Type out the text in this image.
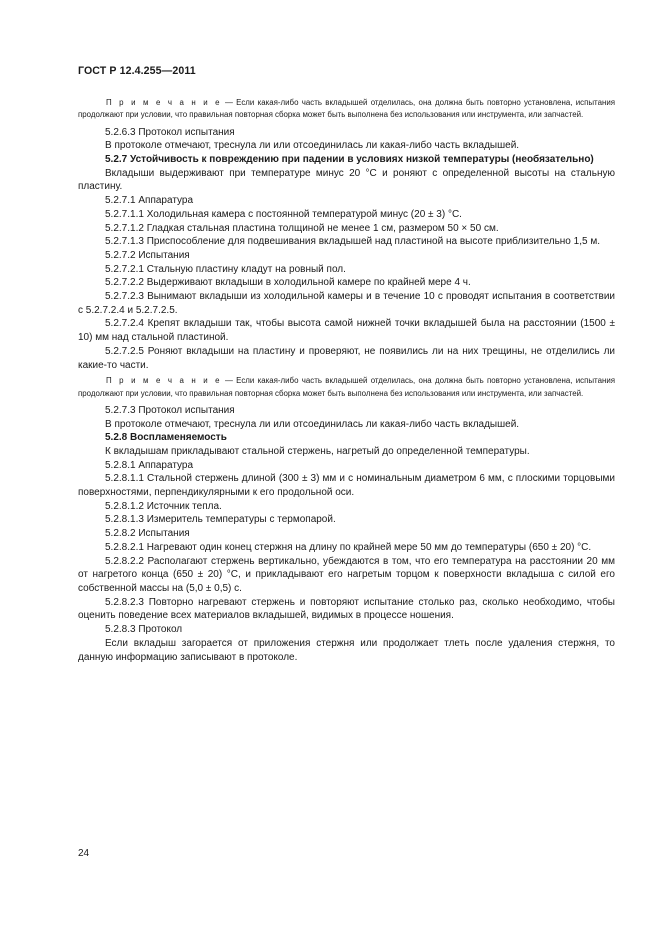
ГОСТ Р 12.4.255—2011
П р и м е ч а н и е — Если какая-либо часть вкладышей отделилась, она должна быть повторно установлена, испытания продолжают при условии, что правильная повторная сборка может быть выполнена без использования или инструмента, или запчастей.
5.2.6.3 Протокол испытания
В протоколе отмечают, треснула ли или отсоединилась ли какая-либо часть вкладышей.
5.2.7 Устойчивость к повреждению при падении в условиях низкой температуры (необязательно)
Вкладыши выдерживают при температуре минус 20 °С и роняют с определенной высоты на стальную пластину.
5.2.7.1 Аппаратура
5.2.7.1.1 Холодильная камера с постоянной температурой минус (20 ± 3) °С.
5.2.7.1.2 Гладкая стальная пластина толщиной не менее 1 см, размером 50 × 50 см.
5.2.7.1.3 Приспособление для подвешивания вкладышей над пластиной на высоте приблизительно 1,5 м.
5.2.7.2 Испытания
5.2.7.2.1 Стальную пластину кладут на ровный пол.
5.2.7.2.2 Выдерживают вкладыши в холодильной камере по крайней мере 4 ч.
5.2.7.2.3 Вынимают вкладыши из холодильной камеры и в течение 10 с проводят испытания в соответствии с 5.2.7.2.4 и 5.2.7.2.5.
5.2.7.2.4 Крепят вкладыши так, чтобы высота самой нижней точки вкладышей была на расстоянии (1500 ± 10) мм над стальной пластиной.
5.2.7.2.5 Роняют вкладыши на пластину и проверяют, не появились ли на них трещины, не отделились ли какие-то части.
П р и м е ч а н и е — Если какая-либо часть вкладышей отделилась, она должна быть повторно установлена, испытания продолжают при условии, что правильная повторная сборка может быть выполнена без использования или инструмента, или запчастей.
5.2.7.3 Протокол испытания
В протоколе отмечают, треснула ли или отсоединилась ли какая-либо часть вкладышей.
5.2.8 Воспламеняемость
К вкладышам прикладывают стальной стержень, нагретый до определенной температуры.
5.2.8.1 Аппаратура
5.2.8.1.1 Стальной стержень длиной (300 ± 3) мм и с номинальным диаметром 6 мм, с плоскими торцовыми поверхностями, перпендикулярными к его продольной оси.
5.2.8.1.2 Источник тепла.
5.2.8.1.3 Измеритель температуры с термопарой.
5.2.8.2 Испытания
5.2.8.2.1 Нагревают один конец стержня на длину по крайней мере 50 мм до температуры (650 ± 20) °С.
5.2.8.2.2 Располагают стержень вертикально, убеждаются в том, что его температура на расстоянии 20 мм от нагретого конца (650 ± 20) °С, и прикладывают его нагретым торцом к поверхности вкладыша с силой его собственной массы на (5,0 ± 0,5) с.
5.2.8.2.3 Повторно нагревают стержень и повторяют испытание столько раз, сколько необходимо, чтобы оценить поведение всех материалов вкладышей, видимых в процессе ношения.
5.2.8.3 Протокол
Если вкладыш загорается от приложения стержня или продолжает тлеть после удаления стержня, то данную информацию записывают в протоколе.
24
